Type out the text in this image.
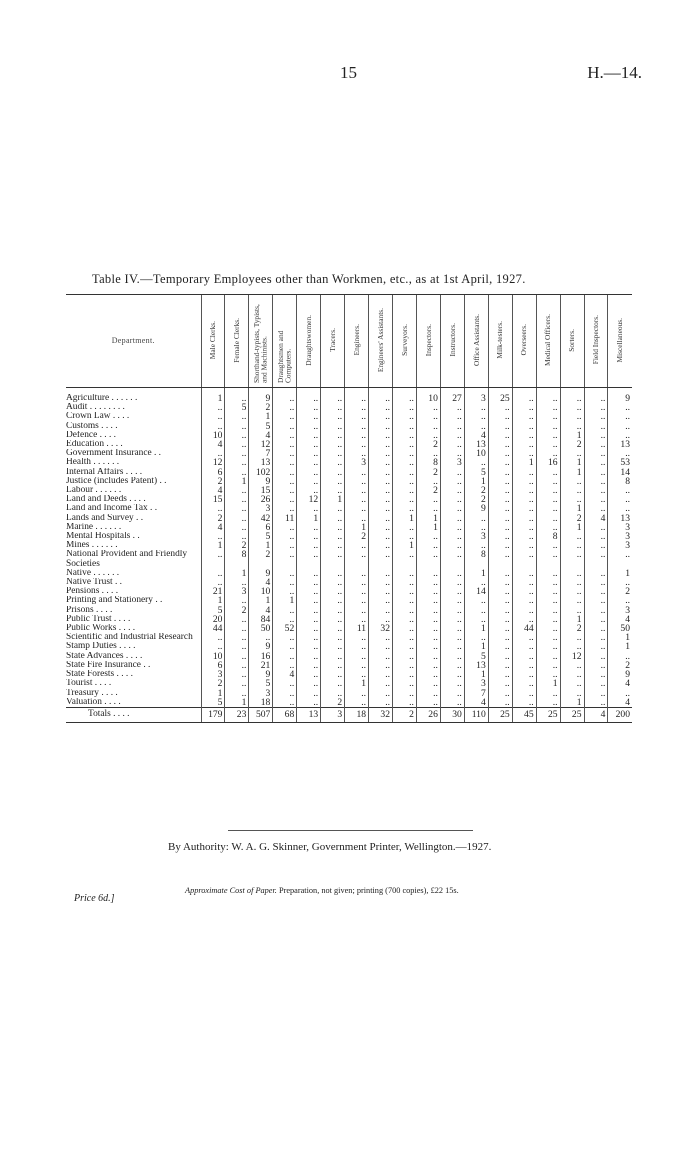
15	H.—14.
Table IV.—Temporary Employees other than Workmen, etc., as at 1st April, 1927.
Department.	Male Clerks.	Female Clerks.	Shorthand-typists, Typists, and Machinists.	Draughtsmen and Computers.	Draughtswomen.	Tracers.	Engineers.	Engineers' Assistants.	Surveyors.	Inspectors.	Instructors.	Office Assistants.	Milk-testers.	Overseers.	Medical Officers.	Sorters.	Field Inspectors.	Miscellaneous.

Agriculture . . . . . .	1	..	9	..	..	..	..	..	..	10	27	3	25	..	..	..	..	9
Audit . . . . . . . .	..	5	2	..	..	..	..	..	..	..	..	..	..	..	..	..	..	..
Crown Law . . . .	..	..	1	..	..	..	..	..	..	..	..	..	..	..	..	..	..	..
Customs . . . .	..	..	5	..	..	..	..	..	..	..	..	..	..	..	..	..	..	..
Defence . . . .	10	..	4	..	..	..	..	..	..	..	..	4	..	..	..	1	..	..
Education . . . .	4	..	12	..	..	..	..	..	..	2	..	13	..	..	..	2	..	13
Government Insurance . .	..	..	7	..	..	..	..	..	..	..	..	10	..	..	..	..	..	..
Health . . . . . .	12	..	13	..	..	..	3	..	..	8	3	..	..	1	16	1	..	53
Internal Affairs . . . .	6	..	102	..	..	..	..	..	..	2	..	5	..	..	..	1	..	14
Justice (includes Patent) . .	2	1	9	..	..	..	..	..	..	..	..	1	..	..	..	..	..	8
Labour . . . . . .	4	..	15	..	..	..	..	..	..	2	..	2	..	..	..	..	..	..
Land and Deeds . . . .	15	..	26	..	12	1	..	..	..	..	..	2	..	..	..	..	..	..
Land and Income Tax . .	..	..	3	..	..	..	..	..	..	..	..	9	..	..	..	1	..	..
Lands and Survey . .	2	..	42	11	1	..	..	..	1	1	..	..	..	..	..	2	4	13
Marine . . . . . .	4	..	6	..	..	..	1	..	..	1	..	..	..	..	..	1	..	3
Mental Hospitals . .	..	..	5	..	..	..	2	..	..	..	..	3	..	..	8	..	..	3
Mines . . . . . .	1	2	1	..	..	..	..	..	1	..	..	..	..	..	..	..	..	3
National Provident and Friendly Societies	..	8	2	..	..	..	..	..	..	..	..	8	..	..	..	..	..	..
Native . . . . . .	..	1	9	..	..	..	..	..	..	..	..	1	..	..	..	..	..	1
Native Trust . .	..	..	4	..	..	..	..	..	..	..	..	..	..	..	..	..	..	..
Pensions . . . .	21	3	10	..	..	..	..	..	..	..	..	14	..	..	..	..	..	2
Printing and Stationery . .	1	..	1	1	..	..	..	..	..	..	..	..	..	..	..	..	..	..
Prisons . . . .	5	2	4	..	..	..	..	..	..	..	..	..	..	..	..	..	..	3
Public Trust . . . .	20	..	84	..	..	..	..	..	..	..	..	..	..	..	..	1	..	4
Public Works . . . .	44	..	50	52	..	..	11	32	..	..	..	1	..	44	..	2	..	50
Scientific and Industrial Research	..	..	..	..	..	..	..	..	..	..	..	..	..	..	..	..	..	1
Stamp Duties . . . .	..	..	9	..	..	..	..	..	..	..	..	1	..	..	..	..	..	1
State Advances . . . .	10	..	16	..	..	..	..	..	..	..	..	5	..	..	..	12	..	..
State Fire Insurance . .	6	..	21	..	..	..	..	..	..	..	..	13	..	..	..	..	..	2
State Forests . . . .	3	..	9	4	..	..	..	..	..	..	..	1	..	..	..	..	..	9
Tourist . . . .	2	..	5	..	..	..	1	..	..	..	..	3	..	..	1	..	..	4
Treasury . . . .	1	..	3	..	..	..	..	..	..	..	..	7	..	..	..	..	..	..
Valuation . . . .	5	1	18	..	..	2	..	..	..	..	..	4	..	..	..	1	..	4
Totals . . . .	179	23	507	68	13	3	18	32	2	26	30	110	25	45	25	25	4	200
By Authority: W. A. G. Skinner, Government Printer, Wellington.—1927.
Price 6d.]
Approximate Cost of Paper. Preparation, not given; printing (700 copies), £22 15s.
